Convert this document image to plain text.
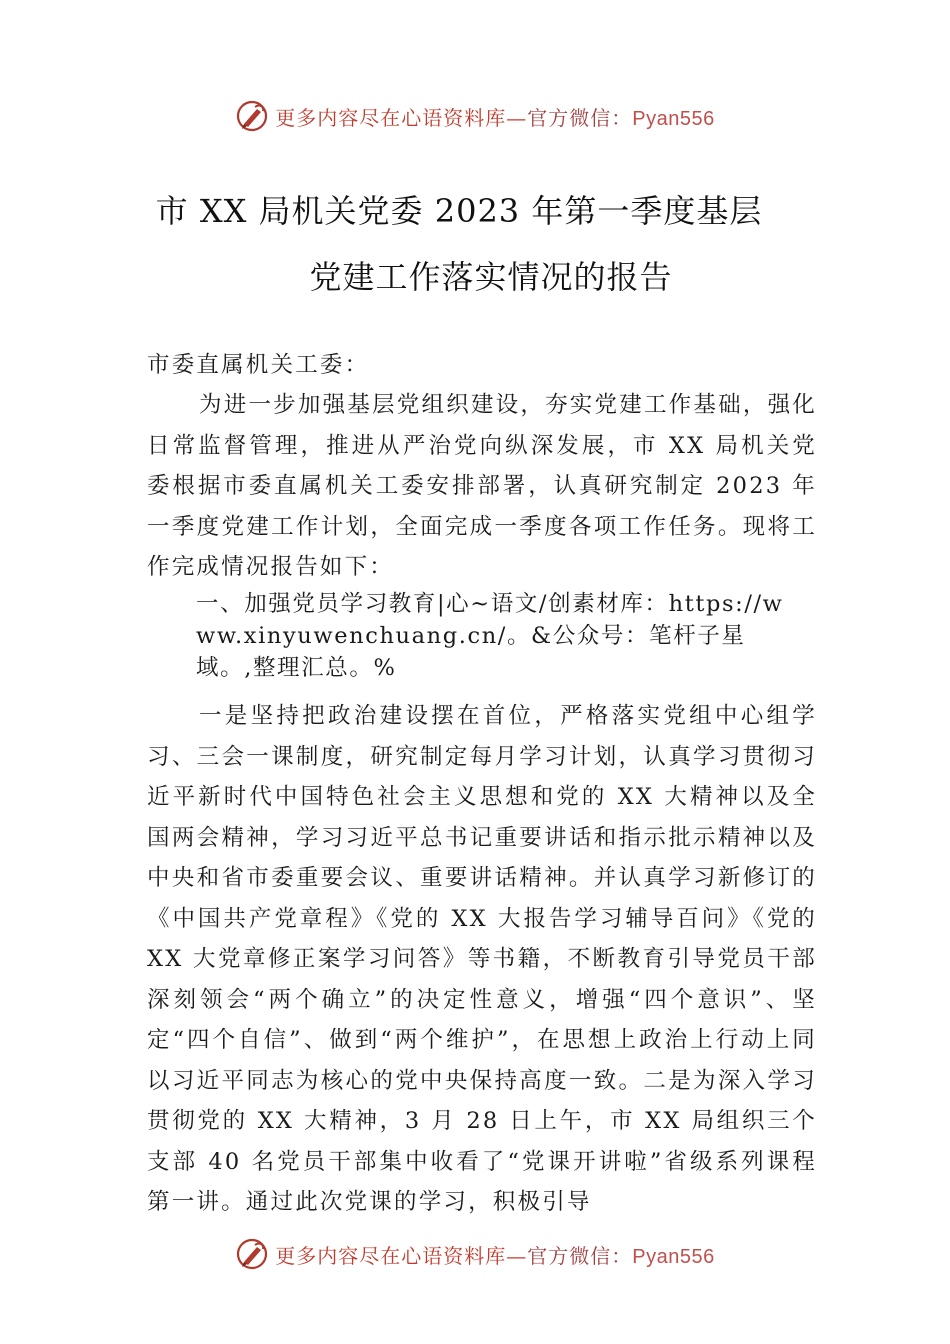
更多内容尽在心语资料库—官方微信：Pyan556
市 XX 局机关党委 2023 年第一季度基层
党建工作落实情况的报告
市委直属机关工委：
为进一步加强基层党组织建设，夯实党建工作基础，强化日常监督管理，推进从严治党向纵深发展，市 XX 局机关党委根据市委直属机关工委安排部署，认真研究制定 2023 年一季度党建工作计划，全面完成一季度各项工作任务。现将工作完成情况报告如下：
一、加强党员学习教育|心~语文/创素材库：https://www.xinyuwenchuang.cn/。&公众号：笔杆子星域。,整理汇总。%
一是坚持把政治建设摆在首位，严格落实党组中心组学习、三会一课制度，研究制定每月学习计划，认真学习贯彻习近平新时代中国特色社会主义思想和党的 XX 大精神以及全国两会精神，学习习近平总书记重要讲话和指示批示精神以及中央和省市委重要会议、重要讲话精神。并认真学习新修订的《中国共产党章程》《党的 XX 大报告学习辅导百问》《党的 XX 大党章修正案学习问答》等书籍，不断教育引导党员干部深刻领会“两个确立”的决定性意义，增强“四个意识”、坚定“四个自信”、做到“两个维护”，在思想上政治上行动上同以习近平同志为核心的党中央保持高度一致。二是为深入学习贯彻党的 XX 大精神，3 月 28 日上午，市 XX 局组织三个支部 40 名党员干部集中收看了“党课开讲啦”省级系列课程第一讲。通过此次党课的学习，积极引导
更多内容尽在心语资料库—官方微信：Pyan556
